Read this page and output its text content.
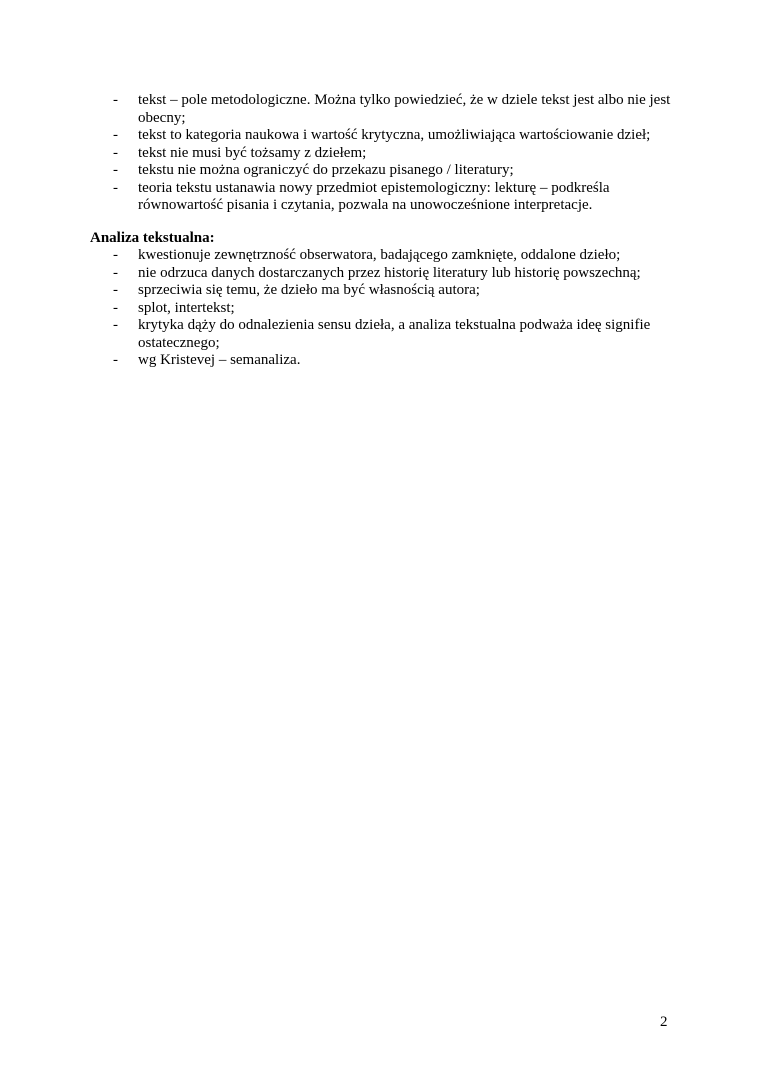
- tekst – pole metodologiczne. Można tylko powiedzieć, że w dziele tekst jest albo nie jest obecny;
- tekst to kategoria naukowa i wartość krytyczna, umożliwiająca wartościowanie dzieł;
- tekst nie musi być tożsamy z dziełem;
- tekstu nie można ograniczyć do przekazu pisanego / literatury;
- teoria tekstu ustanawia nowy przedmiot epistemologiczny: lekturę – podkreśla równowartość pisania i czytania, pozwala na unowocześnione interpretacje.
Analiza tekstualna:
- kwestionuje zewnętrzność obserwatora, badającego zamknięte, oddalone dzieło;
- nie odrzuca danych dostarczanych przez historię literatury lub historię powszechną;
- sprzeciwia się temu, że dzieło ma być własnością autora;
- splot, intertekst;
- krytyka dąży do odnalezienia sensu dzieła, a analiza tekstualna podważa ideę signifie ostatecznego;
- wg Kristevej – semanaliza.
2
